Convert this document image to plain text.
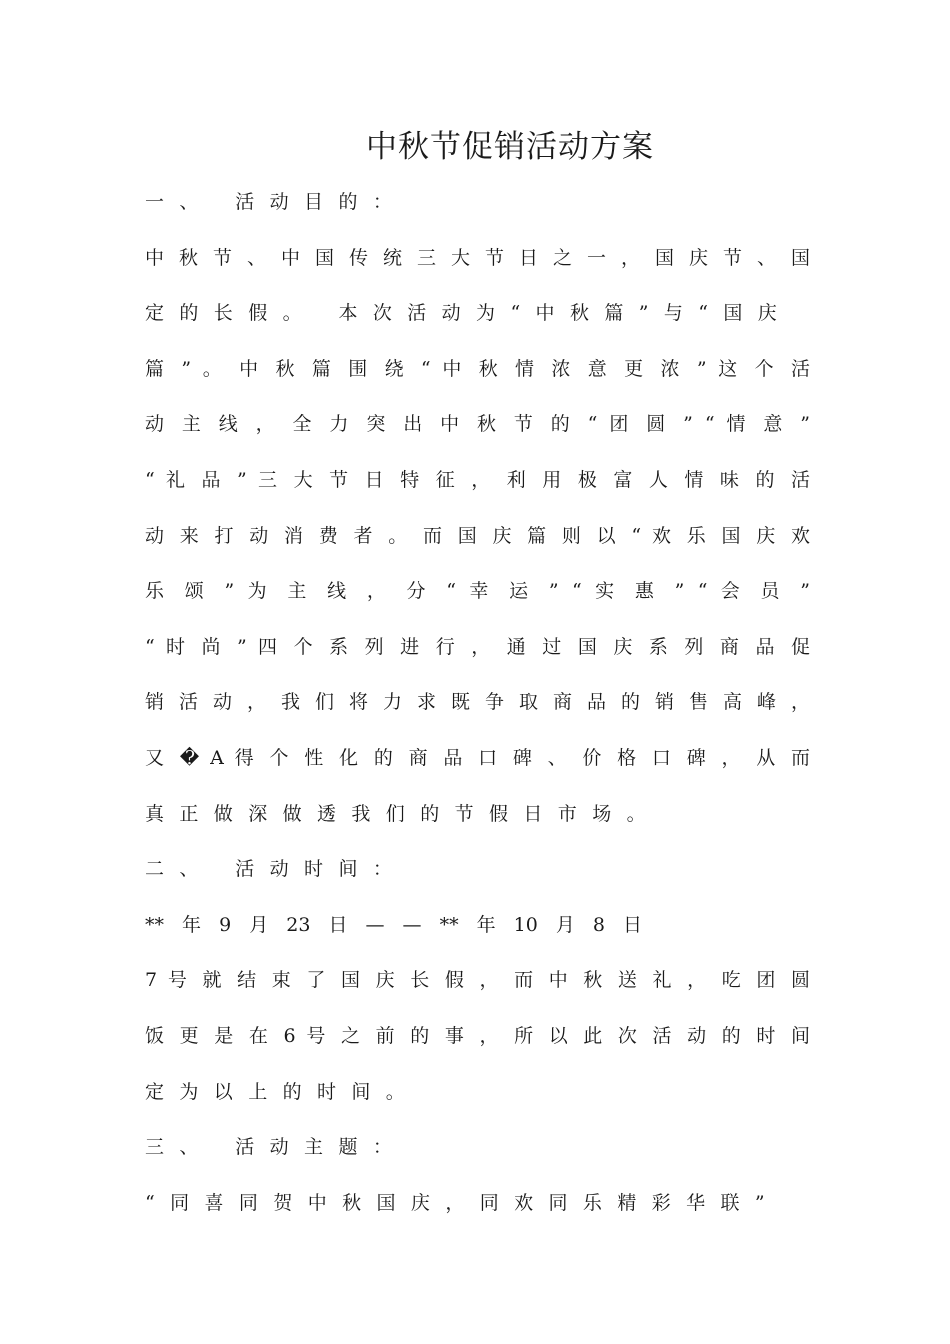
中秋节促销活动方案
一、 活动目的：
中 秋 节 、 中 国 传 统 三 大 节 日 之 一 ， 国 庆 节 、 国
定的长假。 本次活动为“中秋篇”与“国庆
篇 ” 。 中 秋 篇 围 绕 “ 中 秋 情 浓 意 更 浓 ” 这 个 活
动 主 线 ， 全 力 突 出 中 秋 节 的 “ 团 圆 ” “ 情 意 ”
“ 礼 品 ” 三 大 节 日 特 征 ， 利 用 极 富 人 情 味 的 活
动 来 打 动 消 费 者 。 而 国 庆 篇 则 以 “ 欢 乐 国 庆 欢
乐 颂 ” 为 主 线 ， 分 “ 幸 运 ” “ 实 惠 ” “ 会 员 ”
“ 时 尚 ” 四 个 系 列 进 行 ， 通 过 国 庆 系 列 商 品 促
销 活 动 ， 我 们 将 力 求 既 争 取 商 品 的 销 售 高 峰 ，
又 � A 得 个 性 化 的 商 品 口 碑 、 价 格 口 碑 ， 从 而
真正做深做透我们的节假日市场。
二、 活动时间：
** 年 9 月 23 日 — — ** 年 10 月 8 日
7 号 就 结 束 了 国 庆 长 假 ， 而 中 秋 送 礼 ， 吃 团 圆
饭 更 是 在 6 号 之 前 的 事 ， 所 以 此 次 活 动 的 时 间
定为以上的时间。
三、 活动主题：
“同喜同贺中秋国庆，同欢同乐精彩华联”
